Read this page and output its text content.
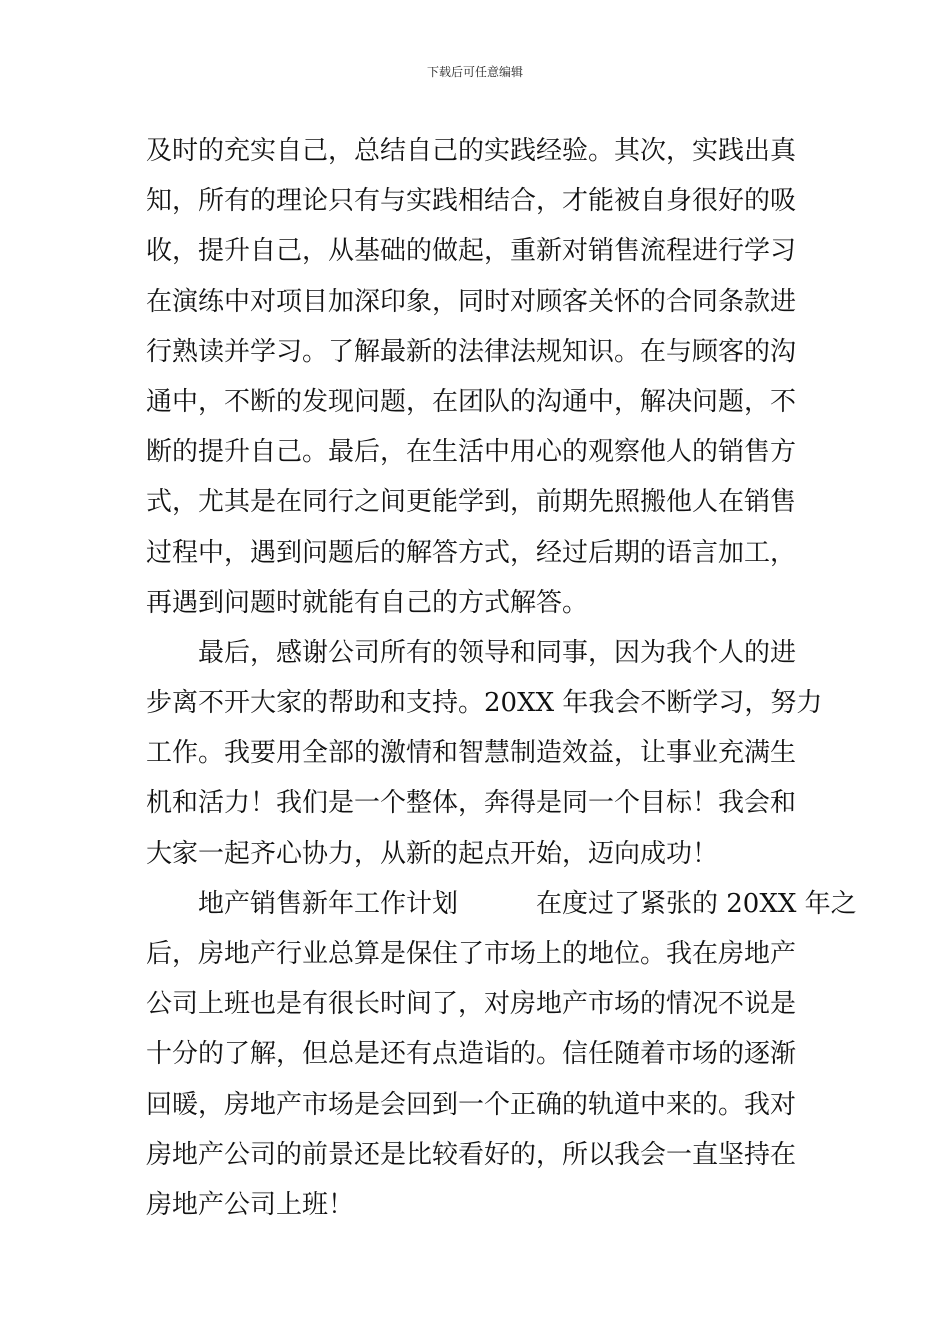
下载后可任意编辑
及时的充实自己，总结自己的实践经验。其次，实践出真
知，所有的理论只有与实践相结合，才能被自身很好的吸
收，提升自己，从基础的做起，重新对销售流程进行学习
在演练中对项目加深印象，同时对顾客关怀的合同条款进
行熟读并学习。了解最新的法律法规知识。在与顾客的沟
通中，不断的发现问题，在团队的沟通中，解决问题，不
断的提升自己。最后，在生活中用心的观察他人的销售方
式，尤其是在同行之间更能学到，前期先照搬他人在销售
过程中，遇到问题后的解答方式，经过后期的语言加工，
再遇到问题时就能有自己的方式解答。
　　最后，感谢公司所有的领导和同事，因为我个人的进
步离不开大家的帮助和支持。20XX 年我会不断学习，努力
工作。我要用全部的激情和智慧制造效益，让事业充满生
机和活力！我们是一个整体，奔得是同一个目标！我会和
大家一起齐心协力，从新的起点开始，迈向成功！
　　地产销售新年工作计划　　　在度过了紧张的 20XX 年之
后，房地产行业总算是保住了市场上的地位。我在房地产
公司上班也是有很长时间了，对房地产市场的情况不说是
十分的了解，但总是还有点造诣的。信任随着市场的逐渐
回暖，房地产市场是会回到一个正确的轨道中来的。我对
房地产公司的前景还是比较看好的，所以我会一直坚持在
房地产公司上班！
